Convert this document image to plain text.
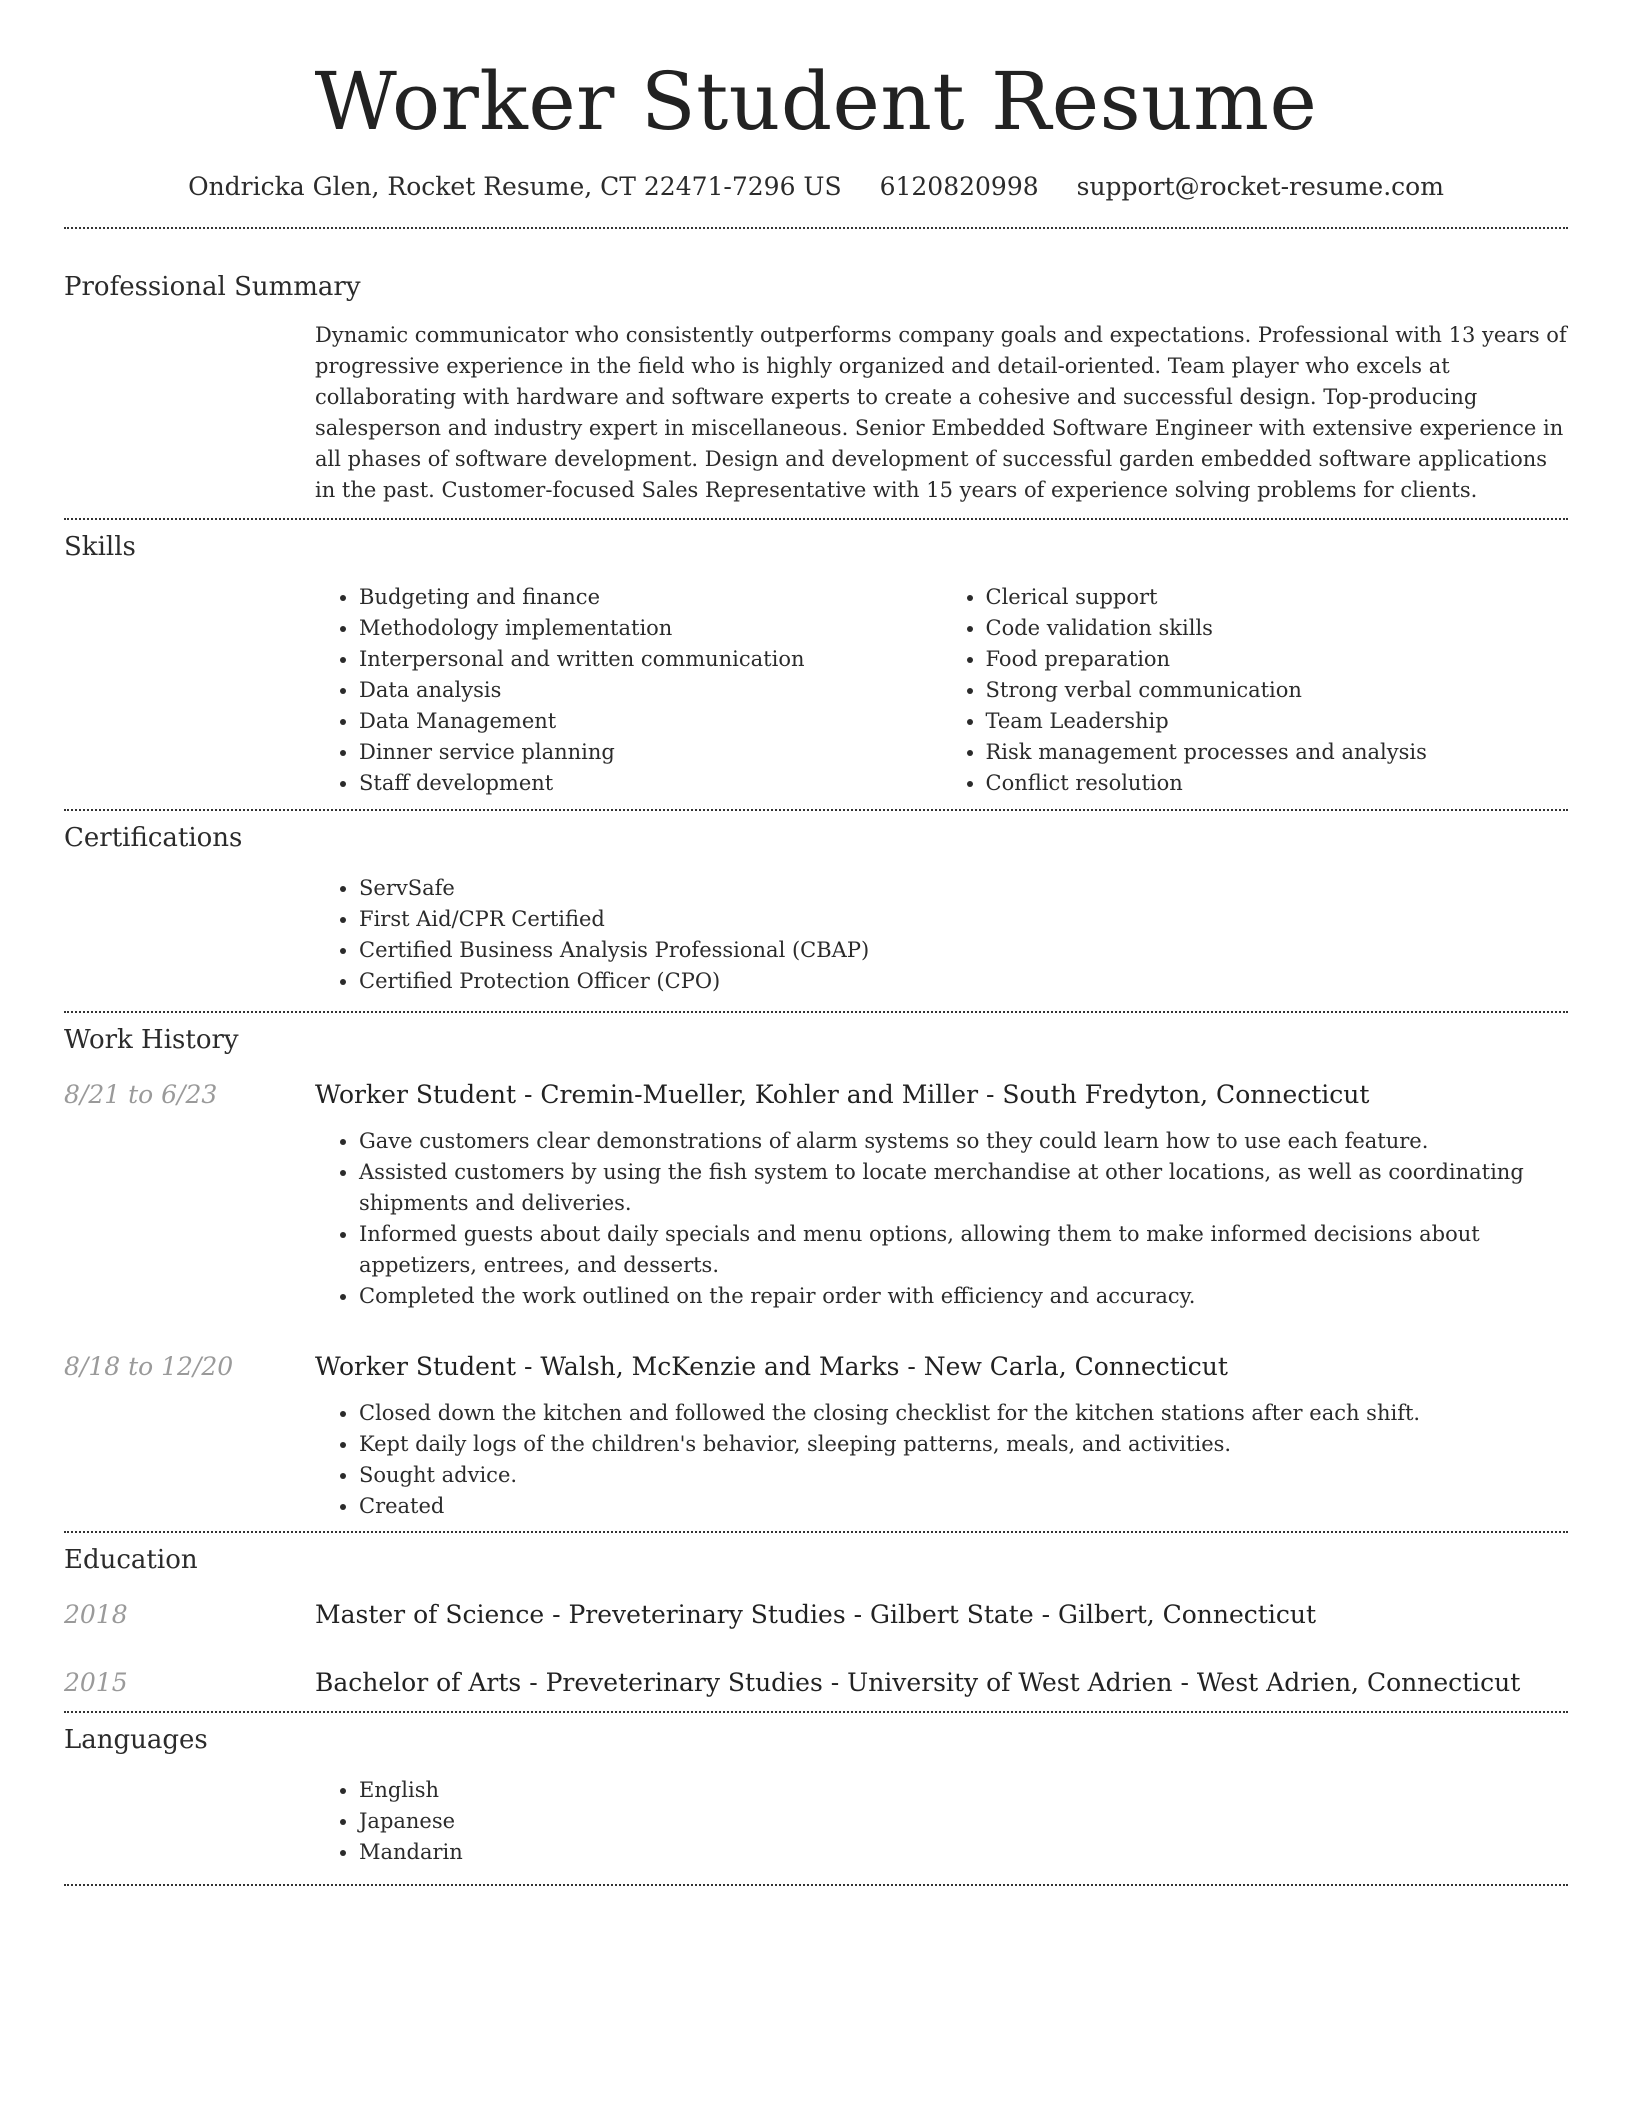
Worker Student Resume
Ondricka Glen, Rocket Resume, CT 22471-7296 US 6120820998 support@rocket-resume.com
Professional Summary
Dynamic communicator who consistently outperforms company goals and expectations. Professional with 13 years of progressive experience in the field who is highly organized and detail-oriented. Team player who excels at collaborating with hardware and software experts to create a cohesive and successful design. Top-producing salesperson and industry expert in miscellaneous. Senior Embedded Software Engineer with extensive experience in all phases of software development. Design and development of successful garden embedded software applications in the past. Customer-focused Sales Representative with 15 years of experience solving problems for clients.
Skills
• Budgeting and finance
• Methodology implementation
• Interpersonal and written communication
• Data analysis
• Data Management
• Dinner service planning
• Staff development
• Clerical support
• Code validation skills
• Food preparation
• Strong verbal communication
• Team Leadership
• Risk management processes and analysis
• Conflict resolution
Certifications
• ServSafe
• First Aid/CPR Certified
• Certified Business Analysis Professional (CBAP)
• Certified Protection Officer (CPO)
Work History
8/21 to 6/23	Worker Student - Cremin-Mueller, Kohler and Miller - South Fredyton, Connecticut
• Gave customers clear demonstrations of alarm systems so they could learn how to use each feature.
• Assisted customers by using the fish system to locate merchandise at other locations, as well as coordinating shipments and deliveries.
• Informed guests about daily specials and menu options, allowing them to make informed decisions about appetizers, entrees, and desserts.
• Completed the work outlined on the repair order with efficiency and accuracy.
8/18 to 12/20	Worker Student - Walsh, McKenzie and Marks - New Carla, Connecticut
• Closed down the kitchen and followed the closing checklist for the kitchen stations after each shift.
• Kept daily logs of the children's behavior, sleeping patterns, meals, and activities.
• Sought advice.
• Created
Education
2018	Master of Science - Preveterinary Studies - Gilbert State - Gilbert, Connecticut
2015	Bachelor of Arts - Preveterinary Studies - University of West Adrien - West Adrien, Connecticut
Languages
• English
• Japanese
• Mandarin
